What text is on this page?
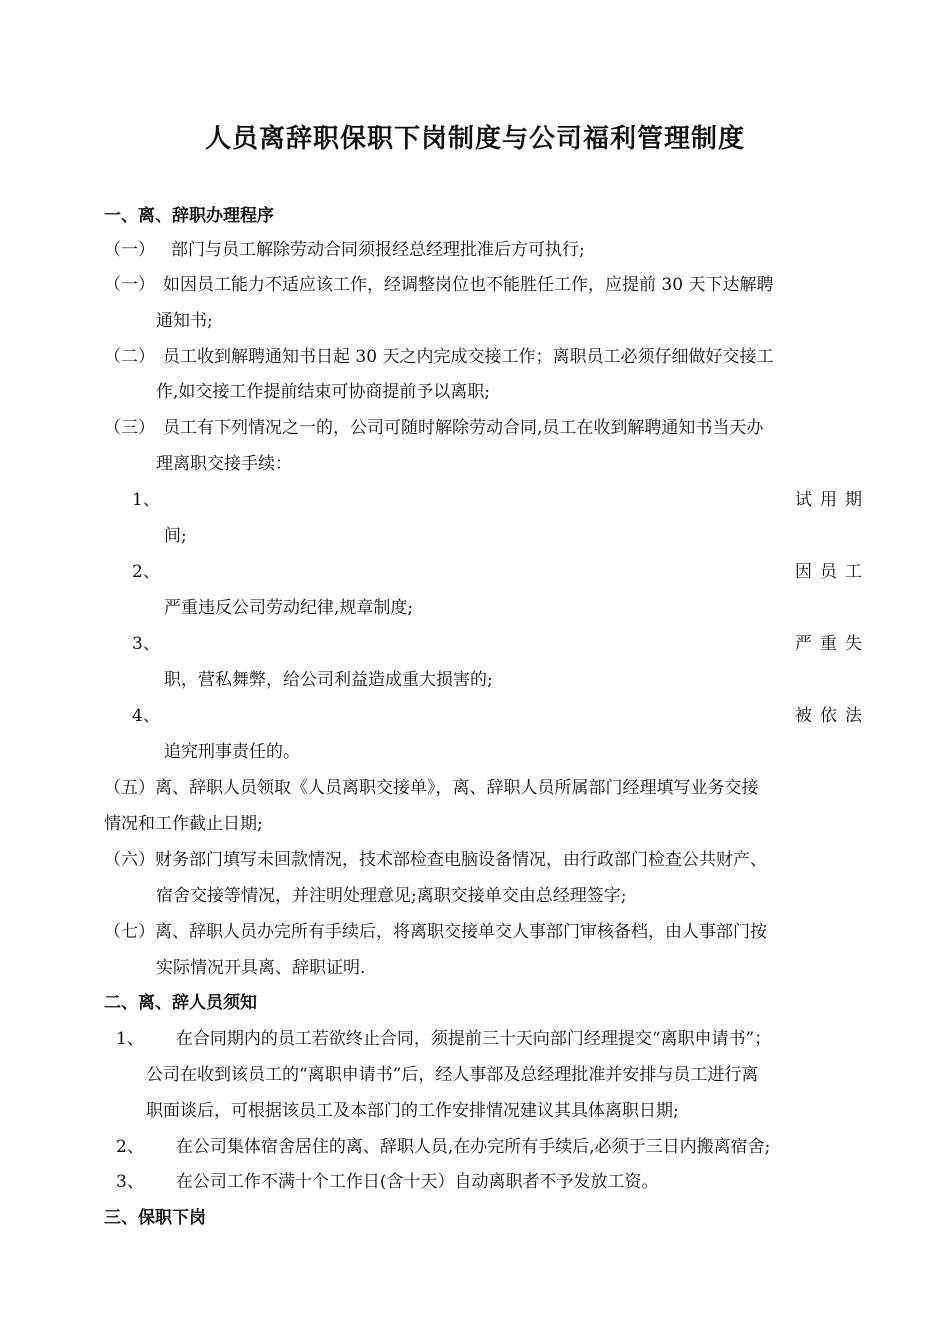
人员离辞职保职下岗制度与公司福利管理制度
一、离、辞职办理程序
（一） 部门与员工解除劳动合同须报经总经理批准后方可执行;
（一） 如因员工能力不适应该工作，经调整岗位也不能胜任工作，应提前 30 天下达解聘
通知书;
（二） 员工收到解聘通知书日起 30 天之内完成交接工作；离职员工必须仔细做好交接工
作,如交接工作提前结束可协商提前予以离职;
（三） 员工有下列情况之一的，公司可随时解除劳动合同,员工在收到解聘通知书当天办
理离职交接手续：
1、	试用期
间;
2、	因员工
严重违反公司劳动纪律,规章制度;
3、	严重失
职，营私舞弊，给公司利益造成重大损害的;
4、	被依法
追究刑事责任的。
（五）离、辞职人员领取《人员离职交接单》，离、辞职人员所属部门经理填写业务交接
情况和工作截止日期;
（六）财务部门填写未回款情况，技术部检查电脑设备情况，由行政部门检查公共财产、
宿舍交接等情况，并注明处理意见;离职交接单交由总经理签字;
（七）离、辞职人员办完所有手续后，将离职交接单交人事部门审核备档，由人事部门按
实际情况开具离、辞职证明.
二、离、辞人员须知
1、 在合同期内的员工若欲终止合同，须提前三十天向部门经理提交“离职申请书”；
公司在收到该员工的“离职申请书”后，经人事部及总经理批准并安排与员工进行离
职面谈后，可根据该员工及本部门的工作安排情况建议其具体离职日期;
2、 在公司集体宿舍居住的离、辞职人员,在办完所有手续后,必须于三日内搬离宿舍;
3、 在公司工作不满十个工作日(含十天）自动离职者不予发放工资。
三、保职下岗
